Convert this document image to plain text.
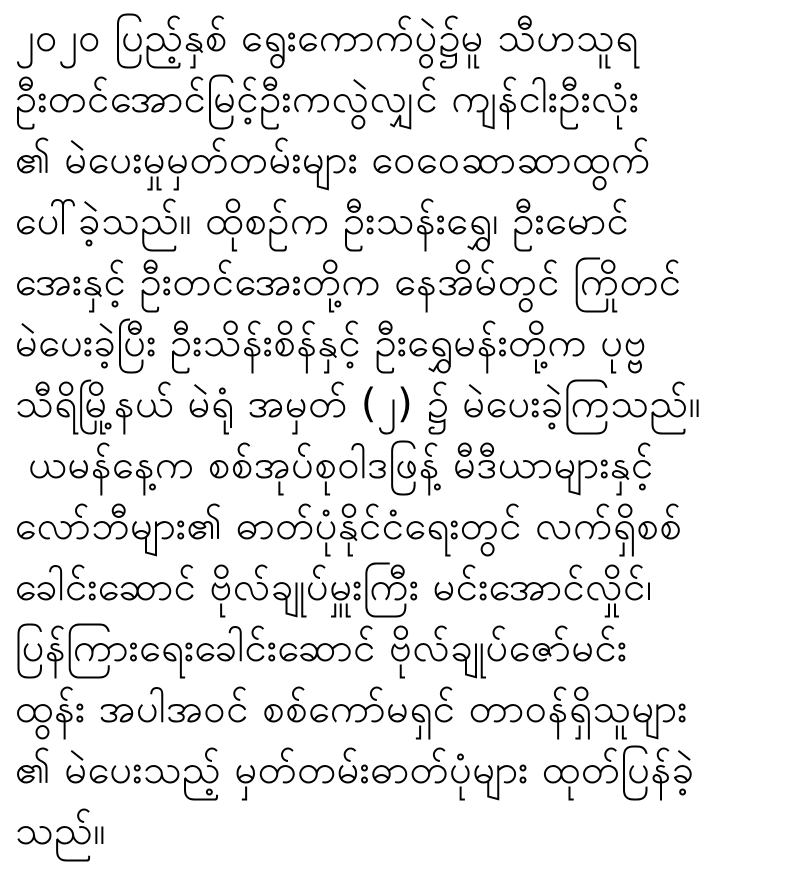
၂၀၂၀ ပြည့်နှစ် ရွေးကောက်ပွဲ၌မူ သီဟသူရ
ဦးတင်အောင်မြင့်ဦးကလွဲလျှင် ကျန်ငါးဦးလုံး
၏ မဲပေးမှုမှတ်တမ်းများ ဝေဝေဆာဆာထွက်
ပေါ်ခဲ့သည်။ ထိုစဉ်က ဦးသန်းရွှေ၊ ဦးမောင်
အေးနှင့် ဦးတင်အေးတို့က နေအိမ်တွင် ကြိုတင်
မဲပေးခဲ့ပြီး ဦးသိန်းစိန်နှင့် ဦးရွှေမန်းတို့က ပုဗ္ဗ
သီရိမြို့နယ် မဲရုံ အမှတ် (၂) ၌ မဲပေးခဲ့ကြသည်။
ယမန်နေ့က စစ်အုပ်စုဝါဒဖြန့် မီဒီယာများနှင့်
လော်ဘီများ၏ ဓာတ်ပုံနိုင်ငံရေးတွင် လက်ရှိစစ်
ခေါင်းဆောင် ဗိုလ်ချုပ်မှူးကြီး မင်းအောင်လှိုင်၊
ပြန်ကြားရေးခေါင်းဆောင် ဗိုလ်ချုပ်ဇော်မင်း
ထွန်း အပါအဝင် စစ်ကော်မရှင် တာဝန်ရှိသူများ
၏ မဲပေးသည့် မှတ်တမ်းဓာတ်ပုံများ ထုတ်ပြန်ခဲ့
သည်။
